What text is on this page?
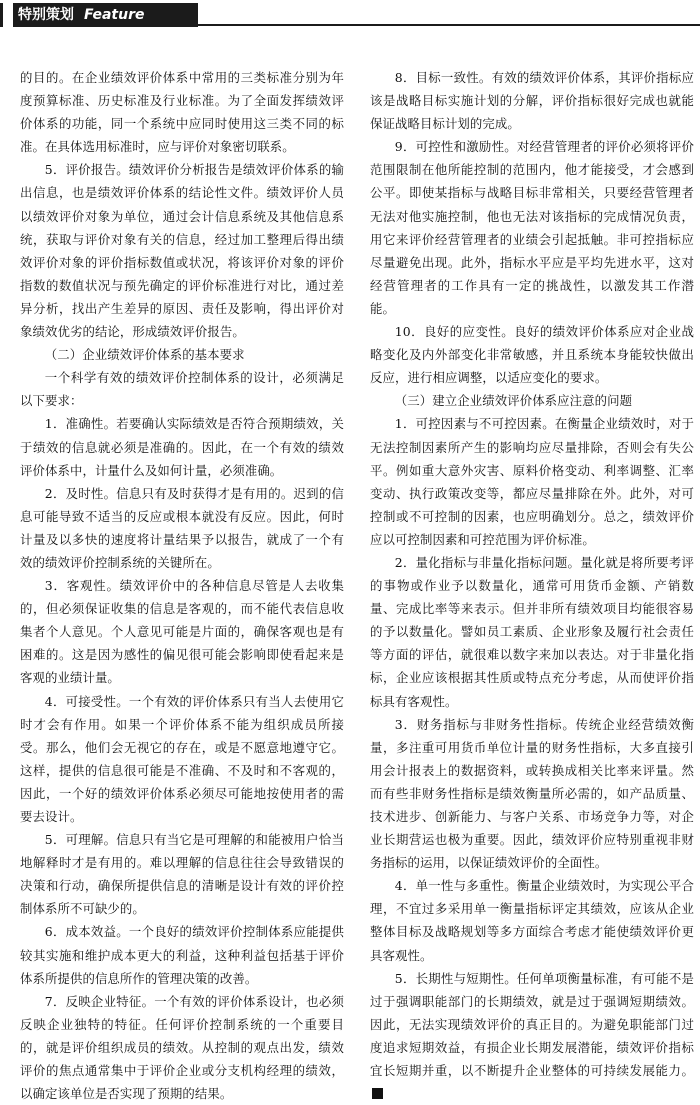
特别策划 Feature

的目的。在企业绩效评价体系中常用的三类标准分别为年度预算标准、历史标准及行业标准。为了全面发挥绩效评价体系的功能，同一个系统中应同时使用这三类不同的标准。在具体选用标准时，应与评价对象密切联系。

5．评价报告。绩效评价分析报告是绩效评价体系的输出信息，也是绩效评价体系的结论性文件。绩效评价人员以绩效评价对象为单位，通过会计信息系统及其他信息系统，获取与评价对象有关的信息，经过加工整理后得出绩效评价对象的评价指标数值或状况，将该评价对象的评价指数的数值状况与预先确定的评价标准进行对比，通过差异分析，找出产生差异的原因、责任及影响，得出评价对象绩效优劣的结论，形成绩效评价报告。

（二）企业绩效评价体系的基本要求

一个科学有效的绩效评价控制体系的设计，必须满足以下要求：

1．准确性。若要确认实际绩效是否符合预期绩效，关于绩效的信息就必须是准确的。因此，在一个有效的绩效评价体系中，计量什么及如何计量，必须准确。

2．及时性。信息只有及时获得才是有用的。迟到的信息可能导致不适当的反应或根本就没有反应。因此，何时计量及以多快的速度将计量结果予以报告，就成了一个有效的绩效评价控制系统的关键所在。

3．客观性。绩效评价中的各种信息尽管是人去收集的，但必须保证收集的信息是客观的，而不能代表信息收集者个人意见。个人意见可能是片面的，确保客观也是有困难的。这是因为感性的偏见很可能会影响即使看起来是客观的业绩计量。

4．可接受性。一个有效的评价体系只有当人去使用它时才会有作用。如果一个评价体系不能为组织成员所接受。那么，他们会无视它的存在，或是不愿意地遵守它。这样，提供的信息很可能是不准确、不及时和不客观的，因此，一个好的绩效评价体系必须尽可能地按使用者的需要去设计。

5．可理解。信息只有当它是可理解的和能被用户恰当地解释时才是有用的。难以理解的信息往往会导致错误的决策和行动，确保所提供信息的清晰是设计有效的评价控制体系所不可缺少的。

6．成本效益。一个良好的绩效评价控制体系应能提供较其实施和维护成本更大的利益，这种利益包括基于评价体系所提供的信息所作的管理决策的改善。

7．反映企业特征。一个有效的评价体系设计，也必须反映企业独特的特征。任何评价控制系统的一个重要目的，就是评价组织成员的绩效。从控制的观点出发，绩效评价的焦点通常集中于评价企业或分支机构经理的绩效，以确定该单位是否实现了预期的结果。

8．目标一致性。有效的绩效评价体系，其评价指标应该是战略目标实施计划的分解，评价指标很好完成也就能保证战略目标计划的完成。

9．可控性和激励性。对经营管理者的评价必须将评价范围限制在他所能控制的范围内，他才能接受，才会感到公平。即使某指标与战略目标非常相关，只要经营管理者无法对他实施控制，他也无法对该指标的完成情况负责，用它来评价经营管理者的业绩会引起抵触。非可控指标应尽量避免出现。此外，指标水平应是平均先进水平，这对经营管理者的工作具有一定的挑战性，以激发其工作潜能。

10．良好的应变性。良好的绩效评价体系应对企业战略变化及内外部变化非常敏感，并且系统本身能较快做出反应，进行相应调整，以适应变化的要求。

（三）建立企业绩效评价体系应注意的问题

1．可控因素与不可控因素。在衡量企业绩效时，对于无法控制因素所产生的影响均应尽量排除，否则会有失公平。例如重大意外灾害、原料价格变动、利率调整、汇率变动、执行政策改变等，都应尽量排除在外。此外，对可控制或不可控制的因素，也应明确划分。总之，绩效评价应以可控制因素和可控范围为评价标准。

2．量化指标与非量化指标问题。量化就是将所要考评的事物或作业予以数量化，通常可用货币金额、产销数量、完成比率等来表示。但并非所有绩效项目均能很容易的予以数量化。譬如员工素质、企业形象及履行社会责任等方面的评估，就很难以数字来加以表达。对于非量化指标，企业应该根据其性质或特点充分考虑，从而使评价指标具有客观性。

3．财务指标与非财务性指标。传统企业经营绩效衡量，多注重可用货币单位计量的财务性指标，大多直接引用会计报表上的数据资料，或转换成相关比率来评量。然而有些非财务性指标是绩效衡量所必需的，如产品质量、技术进步、创新能力、与客户关系、市场竞争力等，对企业长期营运也极为重要。因此，绩效评价应特别重视非财务指标的运用，以保证绩效评价的全面性。

4．单一性与多重性。衡量企业绩效时，为实现公平合理，不宜过多采用单一衡量指标评定其绩效，应该从企业整体目标及战略规划等多方面综合考虑才能使绩效评价更具客观性。

5．长期性与短期性。任何单项衡量标准，有可能不是过于强调职能部门的长期绩效，就是过于强调短期绩效。因此，无法实现绩效评价的真正目的。为避免职能部门过度追求短期效益，有损企业长期发展潜能，绩效评价指标宜长短期并重，以不断提升企业整体的可持续发展能力。
